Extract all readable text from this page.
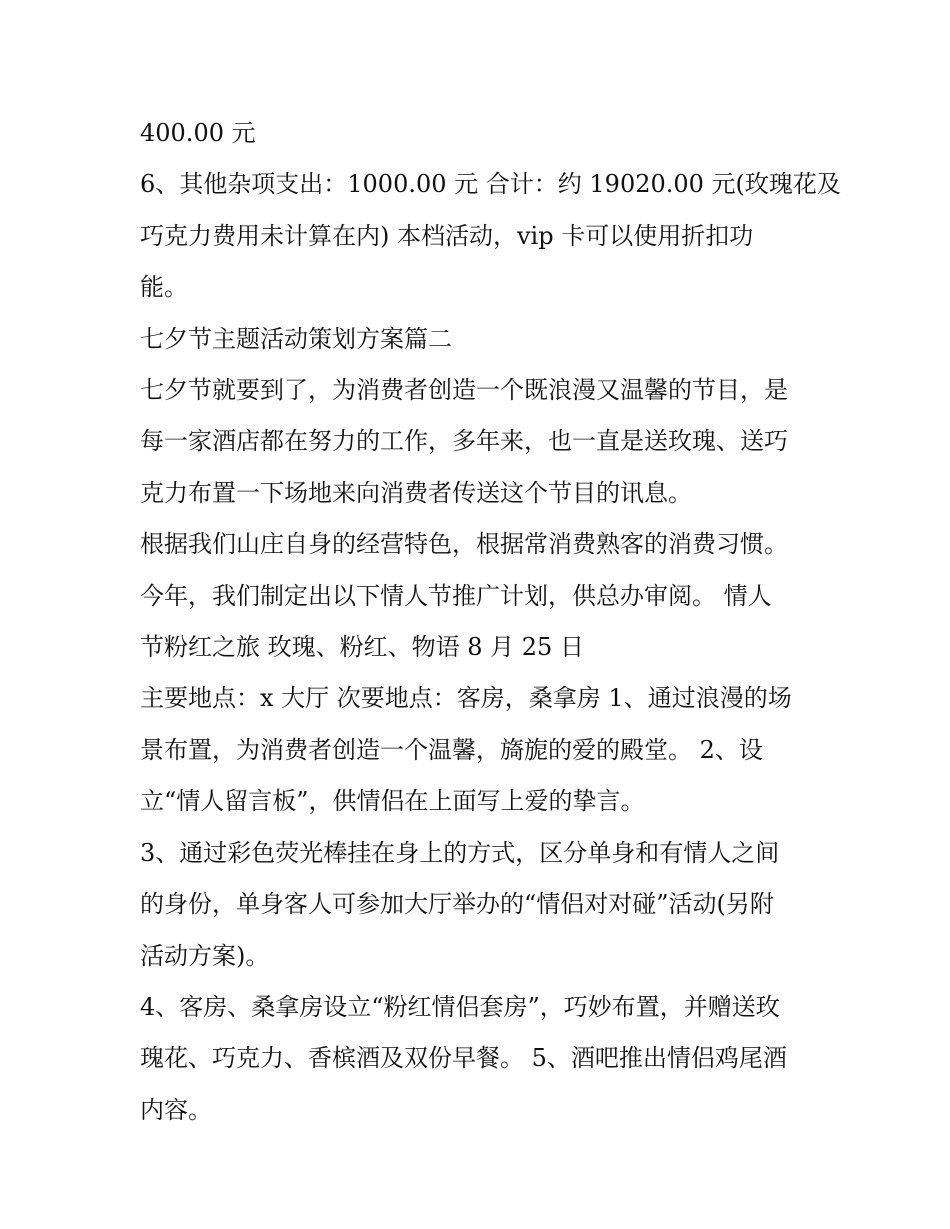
400.00 元
6、其他杂项支出：1000.00 元 合计：约 19020.00 元(玫瑰花及
巧克力费用未计算在内) 本档活动，vip 卡可以使用折扣功
能。
七夕节主题活动策划方案篇二
七夕节就要到了，为消费者创造一个既浪漫又温馨的节目，是
每一家酒店都在努力的工作，多年来，也一直是送玫瑰、送巧
克力布置一下场地来向消费者传送这个节目的讯息。
根据我们山庄自身的经营特色，根据常消费熟客的消费习惯。
今年，我们制定出以下情人节推广计划，供总办审阅。 情人
节粉红之旅 玫瑰、粉红、物语 8 月 25 日
主要地点：x 大厅 次要地点：客房，桑拿房 1、通过浪漫的场
景布置，为消费者创造一个温馨，旖旎的爱的殿堂。 2、设
立“情人留言板”，供情侣在上面写上爱的挚言。
3、通过彩色荧光棒挂在身上的方式，区分单身和有情人之间
的身份，单身客人可参加大厅举办的“情侣对对碰”活动(另附
活动方案)。
4、客房、桑拿房设立“粉红情侣套房”，巧妙布置，并赠送玫
瑰花、巧克力、香槟酒及双份早餐。 5、酒吧推出情侣鸡尾酒
内容。
